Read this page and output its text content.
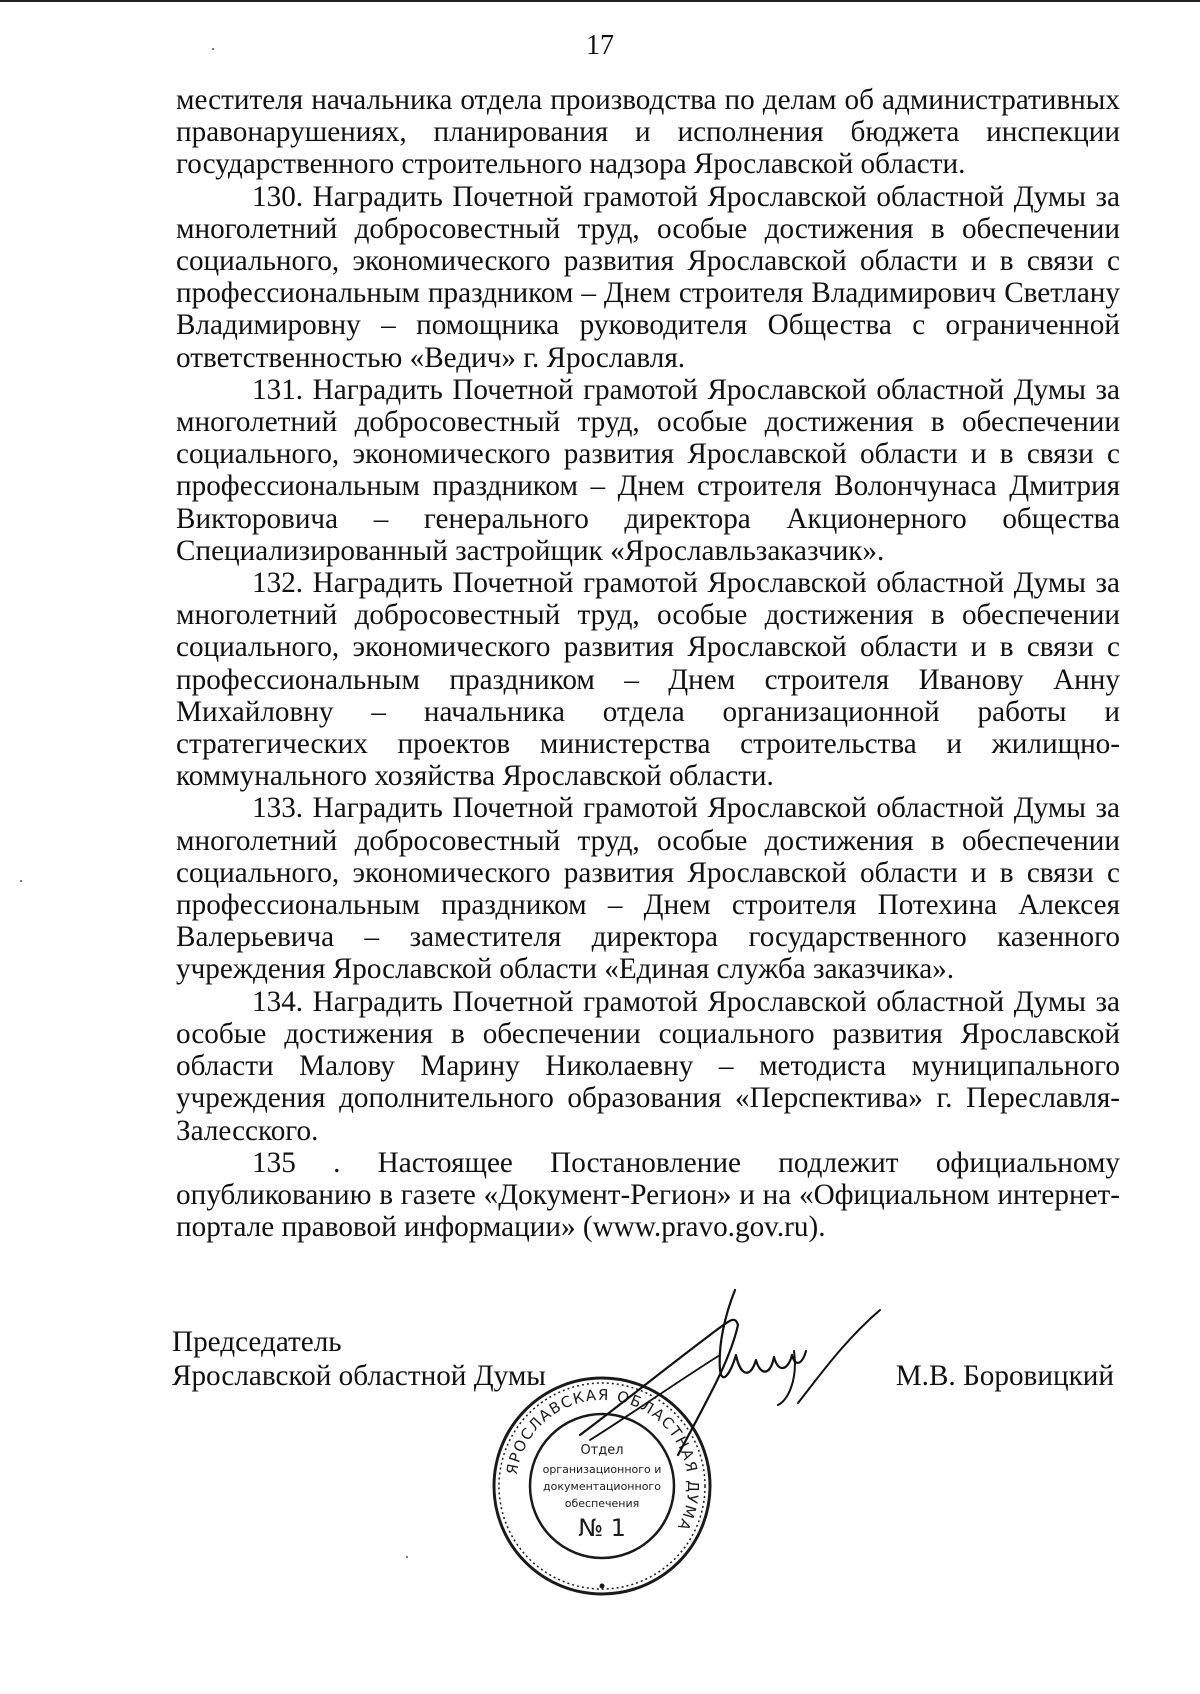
17

местителя начальника отдела производства по делам об административных правонарушениях, планирования и исполнения бюджета инспекции государственного строительного надзора Ярославской области.

130. Наградить Почетной грамотой Ярославской областной Думы за многолетний добросовестный труд, особые достижения в обеспечении социального, экономического развития Ярославской области и в связи с профессиональным праздником – Днем строителя Владимирович Светлану Владимировну – помощника руководителя Общества с ограниченной ответственностью «Ведич» г. Ярославля.

131. Наградить Почетной грамотой Ярославской областной Думы за многолетний добросовестный труд, особые достижения в обеспечении социального, экономического развития Ярославской области и в связи с профессиональным праздником – Днем строителя Волончунаса Дмитрия Викторовича – генерального директора Акционерного общества Специализированный застройщик «Ярославльзаказчик».

132. Наградить Почетной грамотой Ярославской областной Думы за многолетний добросовестный труд, особые достижения в обеспечении социального, экономического развития Ярославской области и в связи с профессиональным праздником – Днем строителя Иванову Анну Михайловну – начальника отдела организационной работы и стратегических проектов министерства строительства и жилищно-коммунального хозяйства Ярославской области.

133. Наградить Почетной грамотой Ярославской областной Думы за многолетний добросовестный труд, особые достижения в обеспечении социального, экономического развития Ярославской области и в связи с профессиональным праздником – Днем строителя Потехина Алексея Валерьевича – заместителя директора государственного казенного учреждения Ярославской области «Единая служба заказчика».

134. Наградить Почетной грамотой Ярославской областной Думы за особые достижения в обеспечении социального развития Ярославской области Малову Марину Николаевну – методиста муниципального учреждения дополнительного образования «Перспектива» г. Переславля-Залесского.

135 . Настоящее Постановление подлежит официальному опубликованию в газете «Документ-Регион» и на «Официальном интернет-портале правовой информации» (www.pravo.gov.ru).

Председатель
Ярославской областной Думы	М.В. Боровицкий
ЯРОСЛАВСКАЯ ОБЛАСТНАЯ ДУМА
Отдел
организационного и
документационного
обеспечения
№ 1
